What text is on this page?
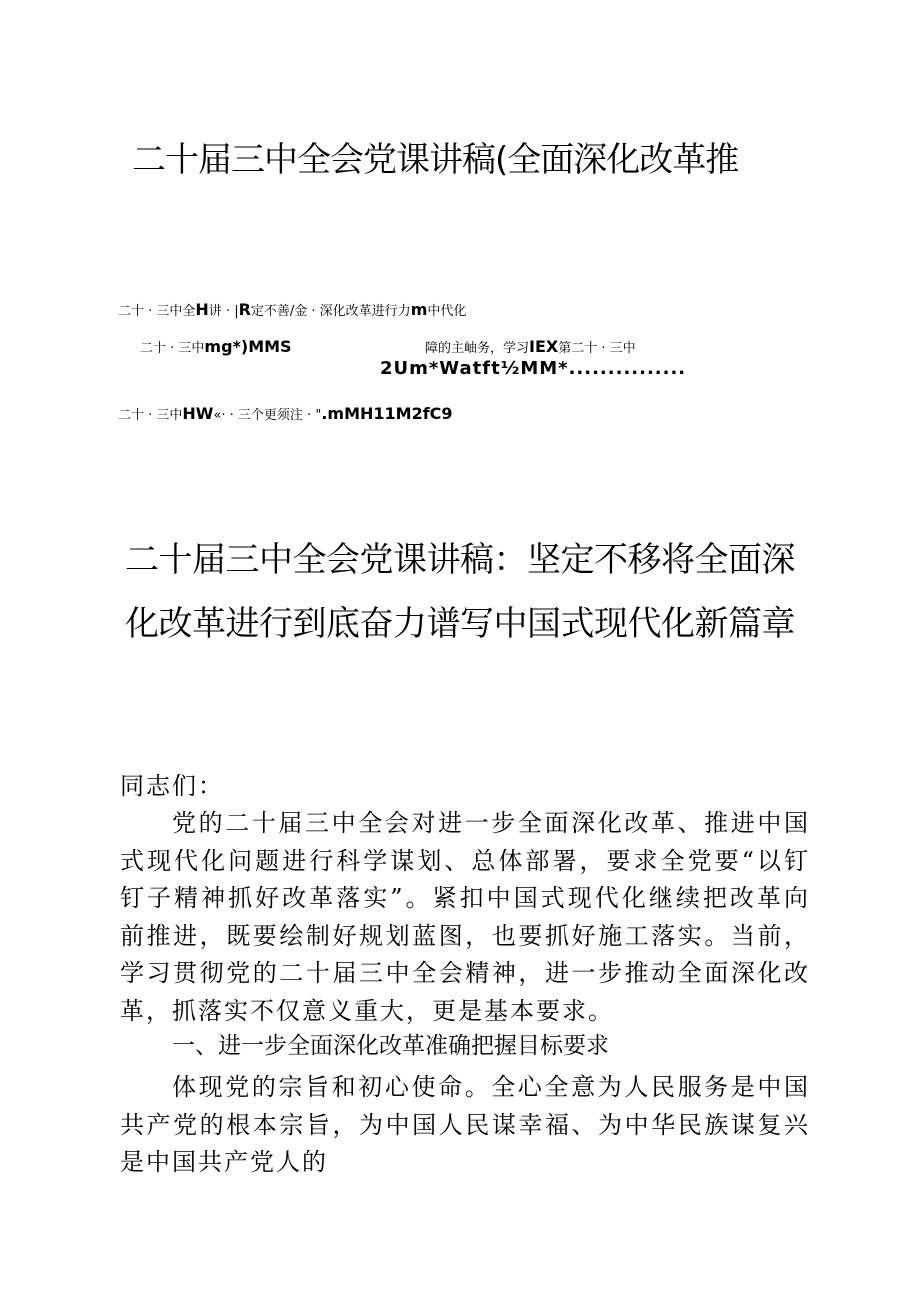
二十届三中全会党课讲稿(全面深化改革推
二十 · 三中全H讲 · |R定不善/金 · 深化改革进行力m中代化
二十 · 三中mg*)MMS	障的主岫务，学习IEX第二十 · 三中
2Um*Watft½MM*...............
二十 · 三中HW«· · 三个更须注 · ".mMH11M2fC9
二十届三中全会党课讲稿：坚定不移将全面深化改革进行到底奋力谱写中国式现代化新篇章
同志们：
党的二十届三中全会对进一步全面深化改革、推进中国式现代化问题进行科学谋划、总体部署，要求全党要“以钉钉子精神抓好改革落实”。紧扣中国式现代化继续把改革向前推进，既要绘制好规划蓝图，也要抓好施工落实。当前，学习贯彻党的二十届三中全会精神，进一步推动全面深化改革，抓落实不仅意义重大，更是基本要求。
一、进一步全面深化改革准确把握目标要求
体现党的宗旨和初心使命。全心全意为人民服务是中国共产党的根本宗旨，为中国人民谋幸福、为中华民族谋复兴是中国共产党人的
